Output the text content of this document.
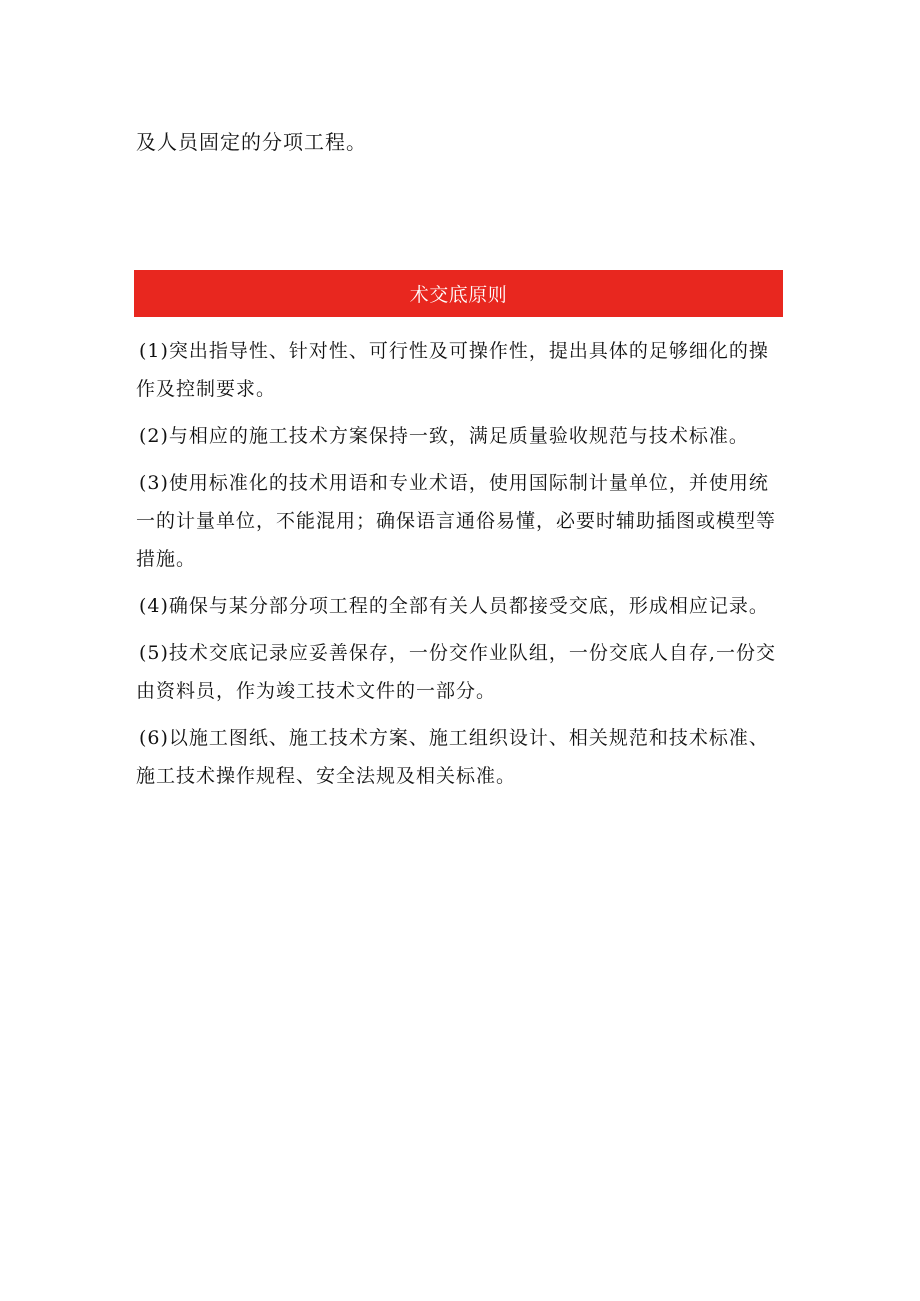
及人员固定的分项工程。
术交底原则

(1)突出指导性、针对性、可行性及可操作性，提出具体的足够细化的操作及控制要求。

(2)与相应的施工技术方案保持一致，满足质量验收规范与技术标准。

(3)使用标准化的技术用语和专业术语，使用国际制计量单位，并使用统一的计量单位，不能混用；确保语言通俗易懂，必要时辅助插图或模型等措施。

(4)确保与某分部分项工程的全部有关人员都接受交底，形成相应记录。

(5)技术交底记录应妥善保存，一份交作业队组，一份交底人自存,一份交由资料员，作为竣工技术文件的一部分。

(6)以施工图纸、施工技术方案、施工组织设计、相关规范和技术标准、施工技术操作规程、安全法规及相关标准。
